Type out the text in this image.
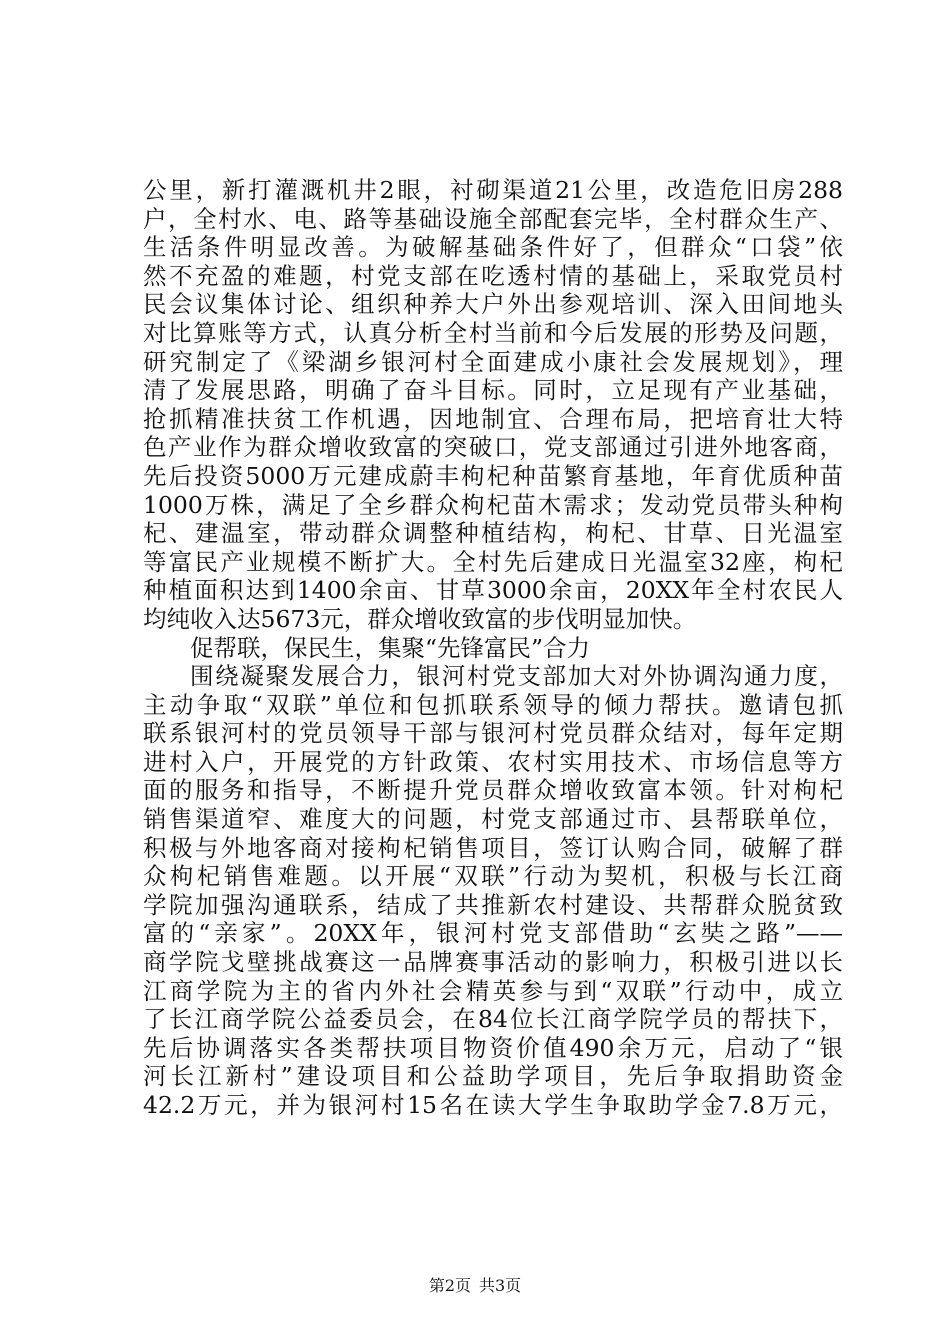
公里，新打灌溉机井2眼，衬砌渠道21公里，改造危旧房288
户，全村水、电、路等基础设施全部配套完毕，全村群众生产、
生活条件明显改善。为破解基础条件好了，但群众“口袋”依
然不充盈的难题，村党支部在吃透村情的基础上，采取党员村
民会议集体讨论、组织种养大户外出参观培训、深入田间地头
对比算账等方式，认真分析全村当前和今后发展的形势及问题，
研究制定了《梁湖乡银河村全面建成小康社会发展规划》，理
清了发展思路，明确了奋斗目标。同时，立足现有产业基础，
抢抓精准扶贫工作机遇，因地制宜、合理布局，把培育壮大特
色产业作为群众增收致富的突破口，党支部通过引进外地客商，
先后投资5000万元建成蔚丰枸杞种苗繁育基地，年育优质种苗
1000万株，满足了全乡群众枸杞苗木需求；发动党员带头种枸
杞、建温室，带动群众调整种植结构，枸杞、甘草、日光温室
等富民产业规模不断扩大。全村先后建成日光温室32座，枸杞
种植面积达到1400余亩、甘草3000余亩，20XX年全村农民人
均纯收入达5673元，群众增收致富的步伐明显加快。
促帮联，保民生，集聚“先锋富民”合力
围绕凝聚发展合力，银河村党支部加大对外协调沟通力度，
主动争取“双联”单位和包抓联系领导的倾力帮扶。邀请包抓
联系银河村的党员领导干部与银河村党员群众结对，每年定期
进村入户，开展党的方针政策、农村实用技术、市场信息等方
面的服务和指导，不断提升党员群众增收致富本领。针对枸杞
销售渠道窄、难度大的问题，村党支部通过市、县帮联单位，
积极与外地客商对接枸杞销售项目，签订认购合同，破解了群
众枸杞销售难题。以开展“双联”行动为契机，积极与长江商
学院加强沟通联系，结成了共推新农村建设、共帮群众脱贫致
富的“亲家”。20XX年，银河村党支部借助“玄奘之路”——
商学院戈壁挑战赛这一品牌赛事活动的影响力，积极引进以长
江商学院为主的省内外社会精英参与到“双联”行动中，成立
了长江商学院公益委员会，在84位长江商学院学员的帮扶下，
先后协调落实各类帮扶项目物资价值490余万元，启动了“银
河长江新村”建设项目和公益助学项目，先后争取捐助资金
42.2万元，并为银河村15名在读大学生争取助学金7.8万元，
第2页 共3页
